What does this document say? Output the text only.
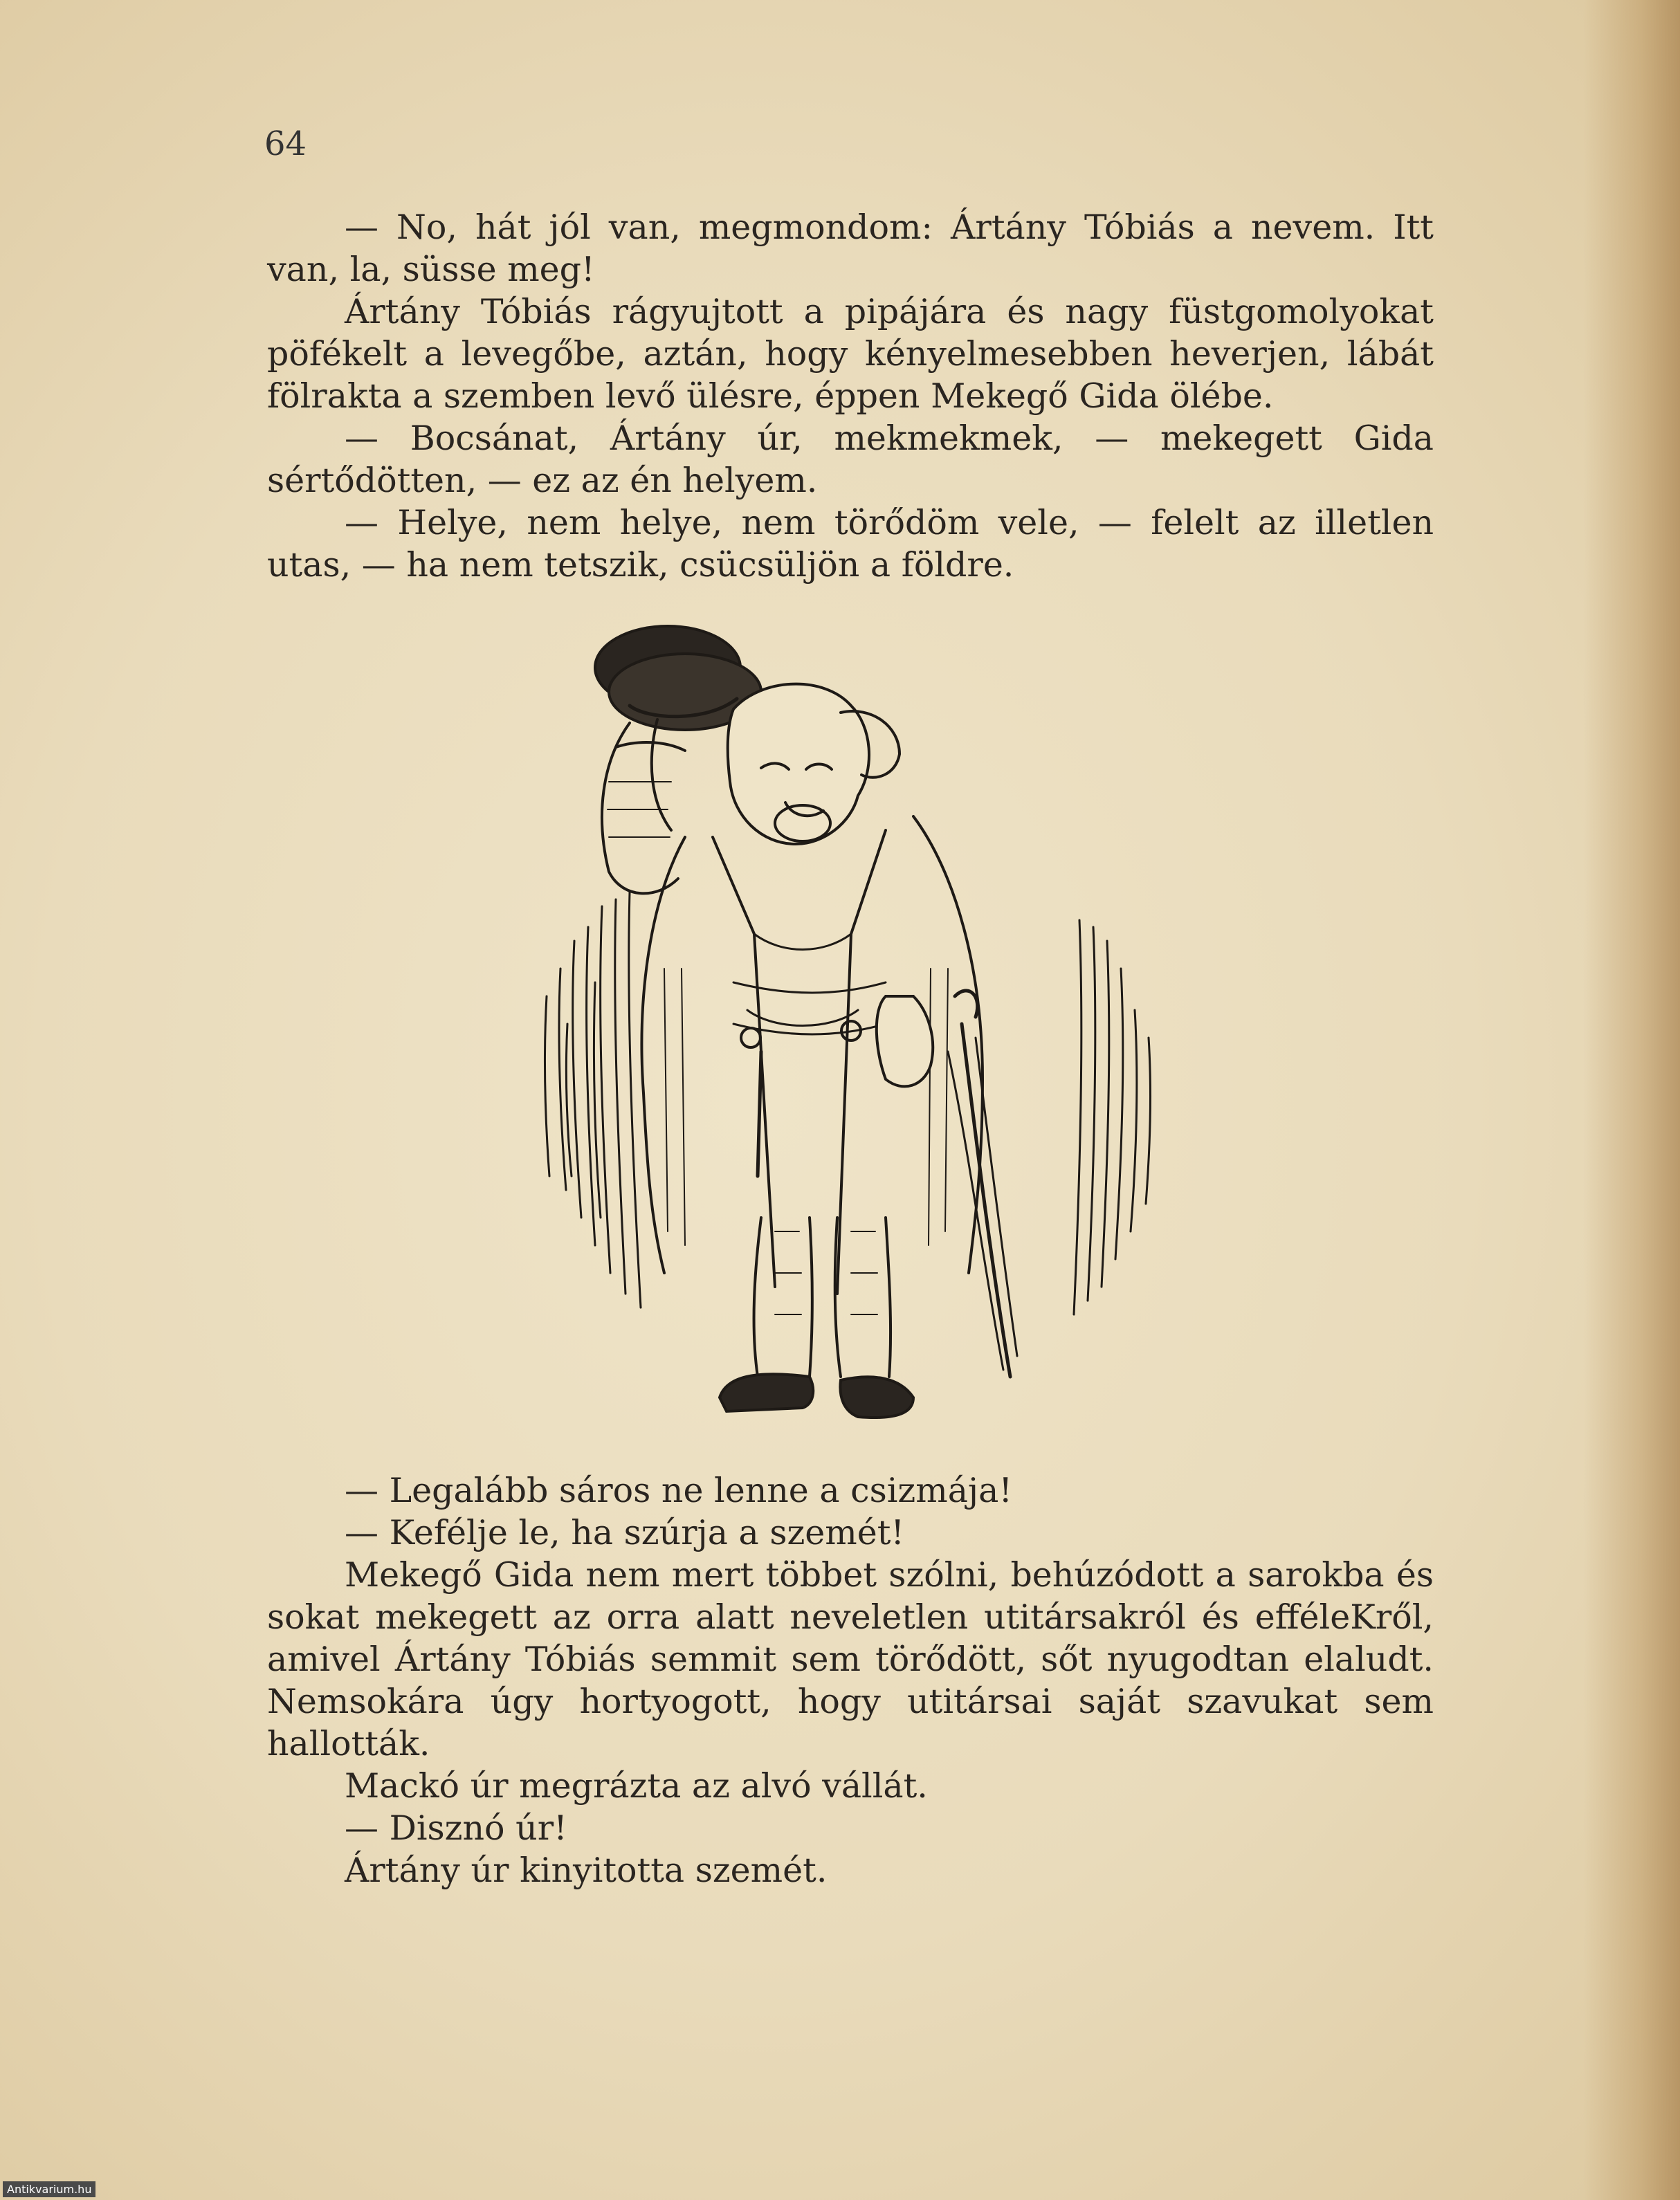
64

— No, hát jól van, megmondom: Ártány Tóbiás a nevem. Itt van, la, süsse meg!

Ártány Tóbiás rágyujtott a pipájára és nagy füstgomolyokat pöfékelt a levegőbe, aztán, hogy kényelmesebben heverjen, lábát fölrakta a szemben levő ülésre, éppen Mekegő Gida ölébe.

— Bocsánat, Ártány úr, mekmekmek, — mekegett Gida sértődötten, — ez az én helyem.

— Helye, nem helye, nem törődöm vele, — felelt az illetlen utas, — ha nem tetszik, csücsüljön a földre.

— Legalább sáros ne lenne a csizmája!

— Kefélje le, ha szúrja a szemét!

Mekegő Gida nem mert többet szólni, behúzódott a sarokba és sokat mekegett az orra alatt neveletlen utitársakról és efféleKről, amivel Ártány Tóbiás semmit sem törődött, sőt nyugodtan elaludt. Nemsokára úgy hortyogott, hogy utitársai saját szavukat sem hallották.

Mackó úr megrázta az alvó vállát.

— Disznó úr!

Ártány úr kinyitotta szemét.

Antikvarium.hu
